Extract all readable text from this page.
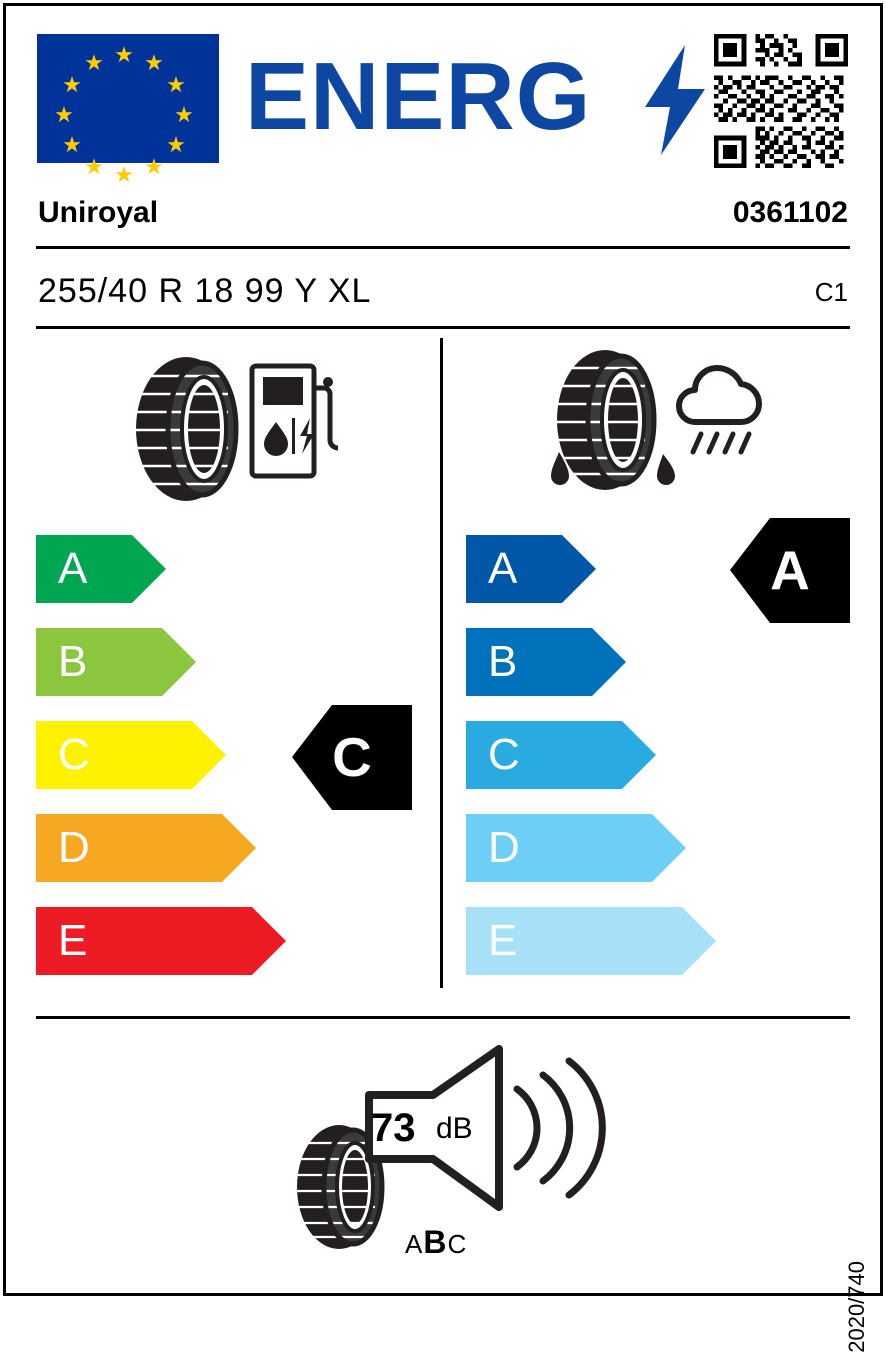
★ ★
★
★
★
★
★
★
★
★
★
★ ENERG
Uniroyal	0361102
255/40 R 18 99 Y XL	C1
A
B
C
D
E
C
A
B
C
D
E
A
73 dB
ABC
2020/740
